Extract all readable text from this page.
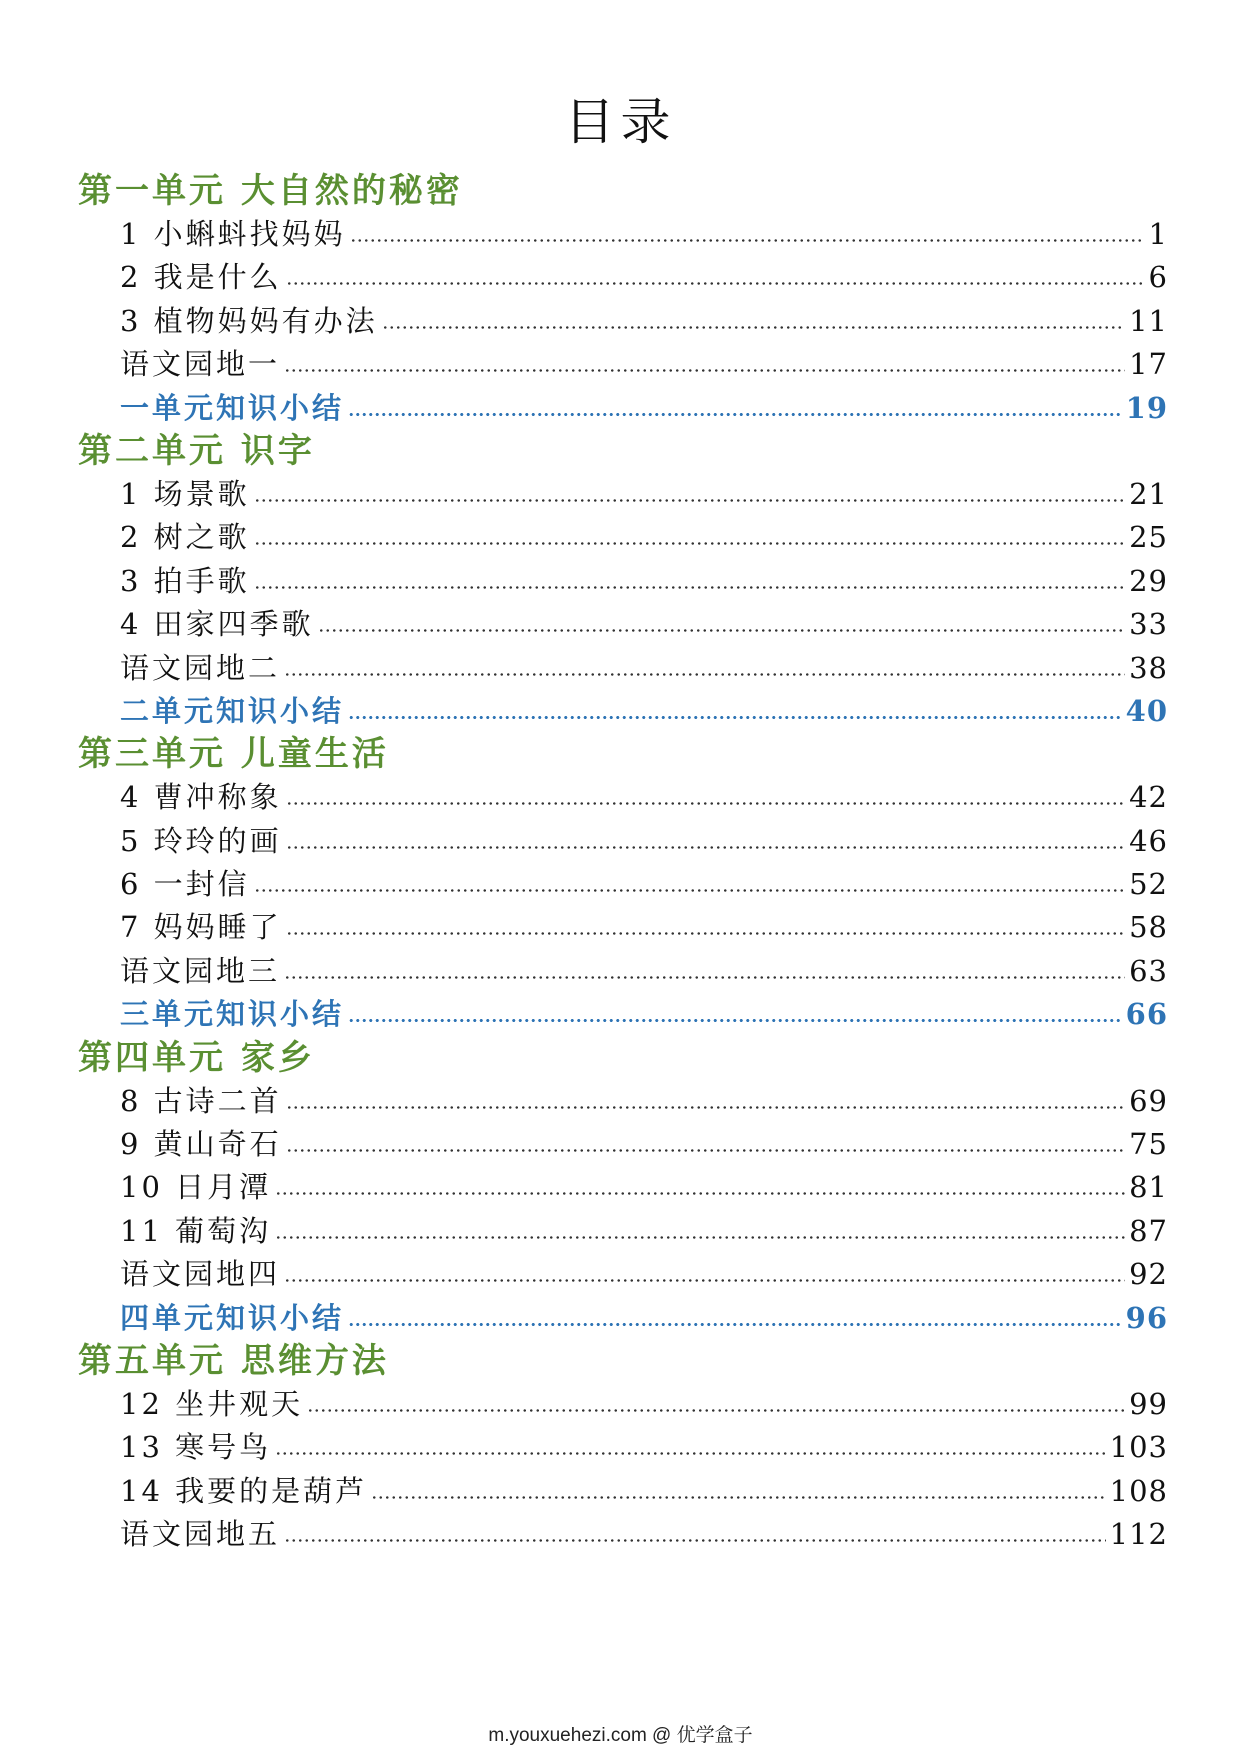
目录
第一单元 大自然的秘密
1 小蝌蚪找妈妈	1
2 我是什么	6
3 植物妈妈有办法	11
语文园地一	17
一单元知识小结	19
第二单元 识字
1 场景歌	21
2 树之歌	25
3 拍手歌	29
4 田家四季歌	33
语文园地二	38
二单元知识小结	40
第三单元 儿童生活
4 曹冲称象	42
5 玲玲的画	46
6 一封信	52
7 妈妈睡了	58
语文园地三	63
三单元知识小结	66
第四单元 家乡
8 古诗二首	69
9 黄山奇石	75
10 日月潭	81
11 葡萄沟	87
语文园地四	92
四单元知识小结	96
第五单元 思维方法
12 坐井观天	99
13 寒号鸟	103
14 我要的是葫芦	108
语文园地五	112
m.youxuehezi.com @ 优学盒子
